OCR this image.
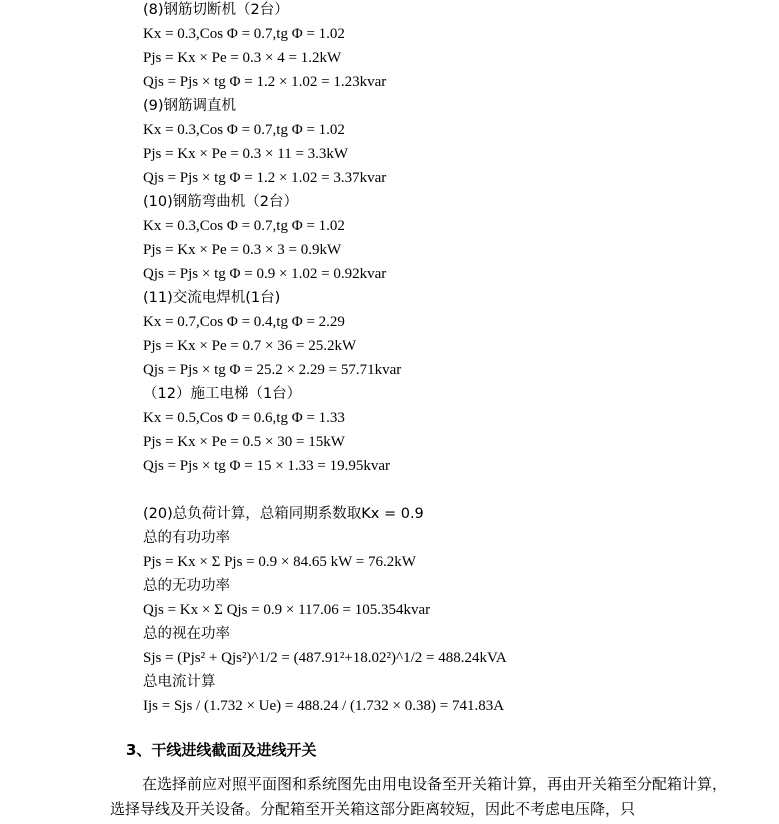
(8)钢筋切断机（2台）
Kx = 0.3,Cos Φ = 0.7,tg Φ = 1.02
Pjs = Kx × Pe = 0.3 × 4 = 1.2kW
Qjs = Pjs × tg Φ = 1.2 × 1.02 = 1.23kvar
(9)钢筋调直机
Kx = 0.3,Cos Φ = 0.7,tg Φ = 1.02
Pjs = Kx × Pe = 0.3 × 11 = 3.3kW
Qjs = Pjs × tg Φ = 1.2 × 1.02 = 3.37kvar
(10)钢筋弯曲机（2台）
Kx = 0.3,Cos Φ = 0.7,tg Φ = 1.02
Pjs = Kx × Pe = 0.3 × 3 = 0.9kW
Qjs = Pjs × tg Φ = 0.9 × 1.02 = 0.92kvar
(11)交流电焊机(1台)
Kx = 0.7,Cos Φ = 0.4,tg Φ = 2.29
Pjs = Kx × Pe = 0.7 × 36 = 25.2kW
Qjs = Pjs × tg Φ = 25.2 × 2.29 = 57.71kvar
（12）施工电梯（1台）
Kx = 0.5,Cos Φ = 0.6,tg Φ = 1.33
Pjs = Kx × Pe = 0.5 × 30 = 15kW
Qjs = Pjs × tg Φ = 15 × 1.33 = 19.95kvar
(20)总负荷计算，总箱同期系数取Kx = 0.9
总的有功功率
Pjs = Kx × Σ Pjs = 0.9 × 84.65 kW = 76.2kW
总的无功功率
Qjs = Kx × Σ Qjs = 0.9 × 117.06 = 105.354kvar
总的视在功率
Sjs = (Pjs² + Qjs²)^1/2 = (487.91²+18.02²)^1/2 = 488.24kVA
总电流计算
Ijs = Sjs / (1.732 × Ue) = 488.24 / (1.732 × 0.38) = 741.83A
3、干线进线截面及进线开关
在选择前应对照平面图和系统图先由用电设备至开关箱计算，再由开关箱至分配箱计算，选择导线及开关设备。分配箱至开关箱这部分距离较短，因此不考虑电压降，只
